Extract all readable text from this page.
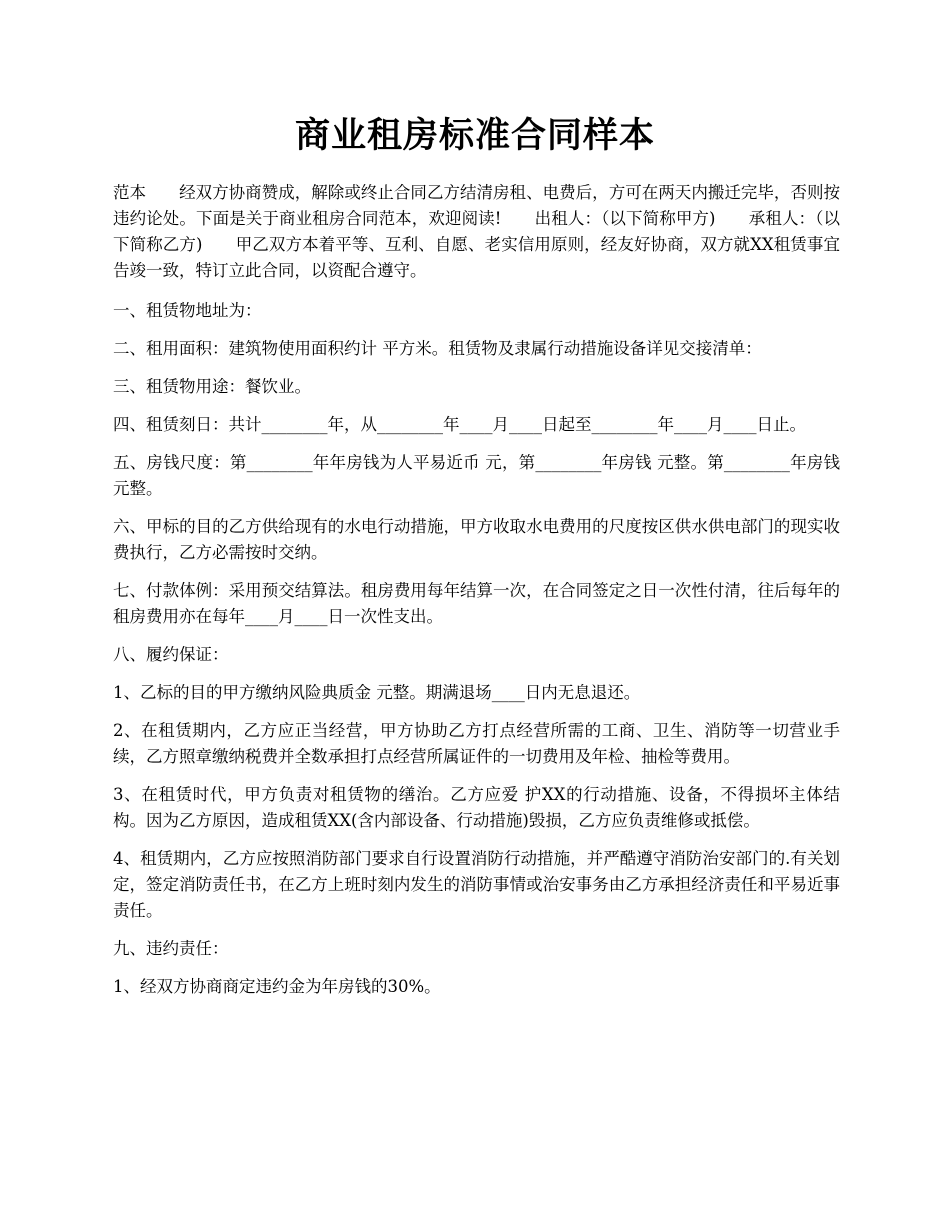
商业租房标准合同样本

范本　　经双方协商赞成，解除或终止合同乙方结清房租、电费后，方可在两天内搬迁完毕，否则按违约论处。下面是关于商业租房合同范本，欢迎阅读!　　出租人：（以下简称甲方)　　承租人：（以下简称乙方)　　甲乙双方本着平等、互利、自愿、老实信用原则，经友好协商，双方就XX租赁事宜告竣一致，特订立此合同，以资配合遵守。

一、租赁物地址为：

二、租用面积：建筑物使用面积约计 平方米。租赁物及隶属行动措施设备详见交接清单：

三、租赁物用途：餐饮业。

四、租赁刻日：共计________年，从________年____月____日起至________年____月____日止。

五、房钱尺度：第________年年房钱为人平易近币 元，第________年房钱 元整。第________年房钱 元整。

六、甲标的目的乙方供给现有的水电行动措施，甲方收取水电费用的尺度按区供水供电部门的现实收费执行，乙方必需按时交纳。

七、付款体例：采用预交结算法。租房费用每年结算一次，在合同签定之日一次性付清，往后每年的租房费用亦在每年____月____日一次性支出。

八、履约保证：

1、乙标的目的甲方缴纳风险典质金 元整。期满退场____日内无息退还。

2、在租赁期内，乙方应正当经营，甲方协助乙方打点经营所需的工商、卫生、消防等一切营业手续，乙方照章缴纳税费并全数承担打点经营所属证件的一切费用及年检、抽检等费用。

3、在租赁时代，甲方负责对租赁物的缮治。乙方应爱 护XX的行动措施、设备，不得损坏主体结构。因为乙方原因，造成租赁XX(含内部设备、行动措施)毁损，乙方应负责维修或抵偿。

4、租赁期内，乙方应按照消防部门要求自行设置消防行动措施，并严酷遵守消防治安部门的.有关划定，签定消防责任书，在乙方上班时刻内发生的消防事情或治安事务由乙方承担经济责任和平易近事责任。

九、违约责任：

1、经双方协商商定违约金为年房钱的30%。
